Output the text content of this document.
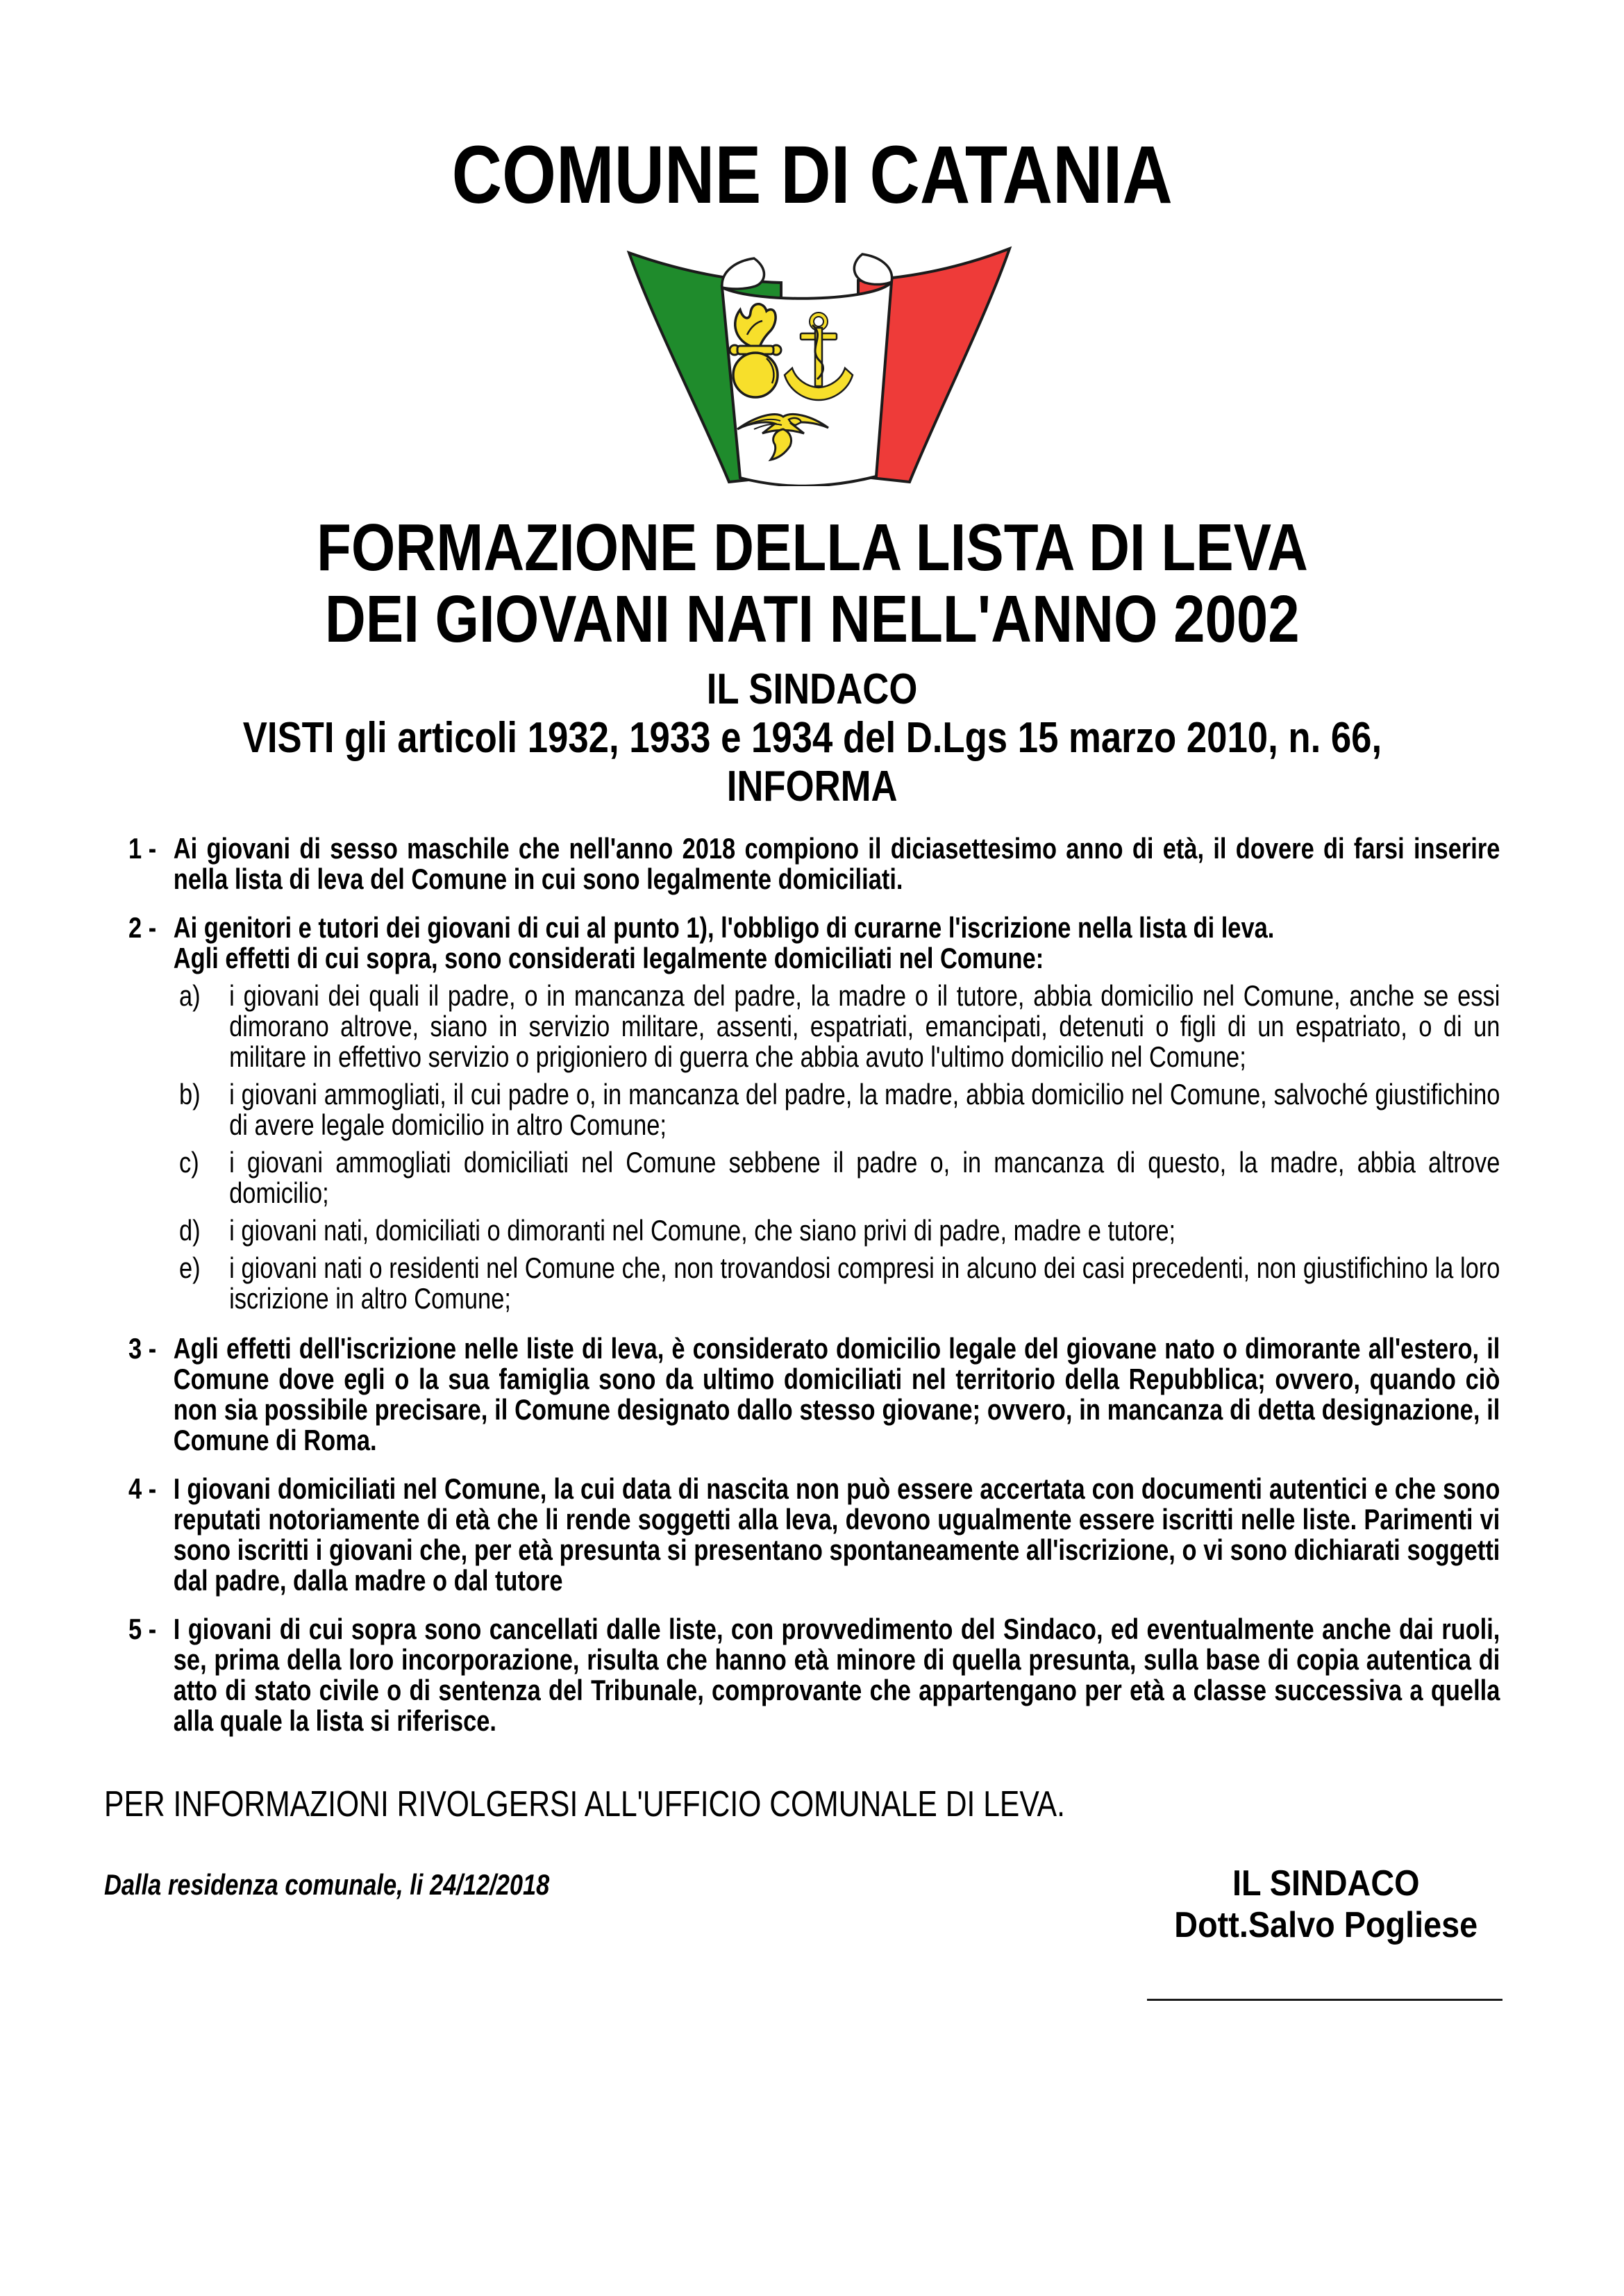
COMUNE DI CATANIA
FORMAZIONE DELLA LISTA DI LEVA
DEI GIOVANI NATI NELL'ANNO 2002
IL SINDACO
VISTI gli articoli 1932, 1933 e 1934 del D.Lgs 15 marzo 2010, n. 66,
INFORMA
1 - Ai giovani di sesso maschile che nell'anno 2018 compiono il diciasettesimo anno di età, il dovere di farsi inserire nella lista di leva del Comune in cui sono legalmente domiciliati.

2 - Ai genitori e tutori dei giovani di cui al punto 1), l'obbligo di curarne l'iscrizione nella lista di leva.

Agli effetti di cui sopra, sono considerati legalmente domiciliati nel Comune:

a) i giovani dei quali il padre, o in mancanza del padre, la madre o il tutore, abbia domicilio nel Comune, anche se essi dimorano altrove, siano in servizio militare, assenti, espatriati, emancipati, detenuti o figli di un espatriato, o di un militare in effettivo servizio o prigioniero di guerra che abbia avuto l'ultimo domicilio nel Comune;
b) i giovani ammogliati, il cui padre o, in mancanza del padre, la madre, abbia domicilio nel Comune, salvoché giustifichino di avere legale domicilio in altro Comune;
c)	i giovani ammogliati domiciliati nel Comune sebbene il padre o, in mancanza di questo, la madre, abbia altrove domicilio;
d) i giovani nati, domiciliati o dimoranti nel Comune, che siano privi di padre, madre e tutore;
e) i giovani nati o residenti nel Comune che, non trovandosi compresi in alcuno dei casi precedenti, non giustifichino la loro iscrizione in altro Comune;
3 - Agli effetti dell'iscrizione nelle liste di leva, è considerato domicilio legale del giovane nato o dimorante all'estero, il Comune dove egli o la sua famiglia sono da ultimo domiciliati nel territorio della Repubblica; ovvero, quando ciò non sia possibile precisare, il Comune designato dallo stesso giovane; ovvero, in mancanza di detta designazione, il Comune di Roma.

4 - I giovani domiciliati nel Comune, la cui data di nascita non può essere accertata con documenti autentici e che sono reputati notoriamente di età che li rende soggetti alla leva, devono ugualmente essere iscritti nelle liste. Parimenti vi sono iscritti i giovani che, per età presunta si presentano spontaneamente all'iscrizione, o vi sono dichiarati soggetti dal padre, dalla madre o dal tutore

5 - I giovani di cui sopra sono cancellati dalle liste, con provvedimento del Sindaco, ed eventualmente anche dai ruoli, se, prima della loro incorporazione, risulta che hanno età minore di quella presunta, sulla base di copia autentica di atto di stato civile o di sentenza del Tribunale, comprovante che appartengano per età a classe successiva a quella alla quale la lista si riferisce.

PER INFORMAZIONI RIVOLGERSI ALL'UFFICIO COMUNALE DI LEVA.
Dalla residenza comunale, li 24/12/2018	IL SINDACO
Dott.Salvo Pogliese
